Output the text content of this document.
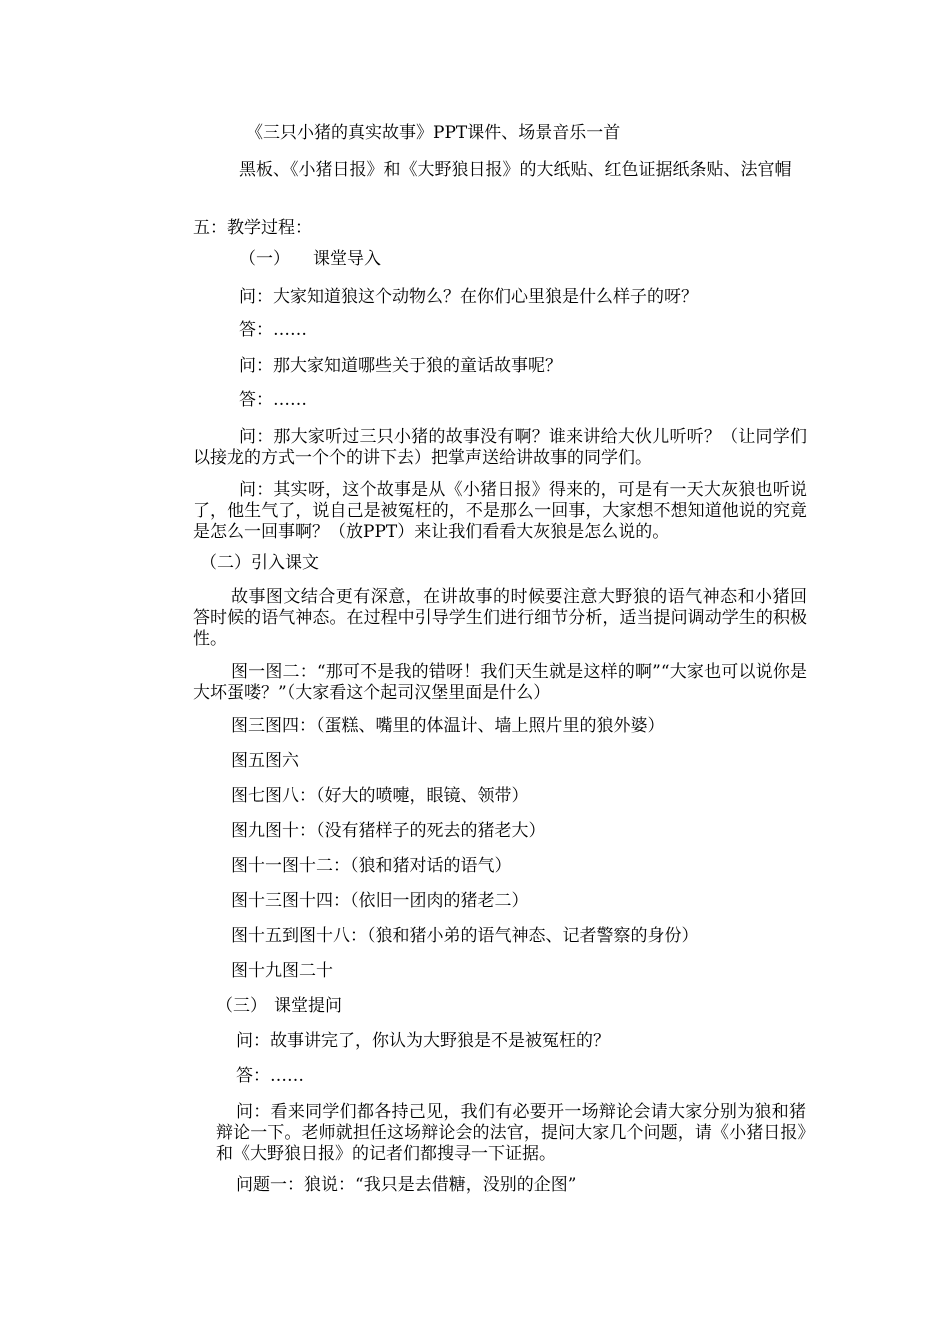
《三只小猪的真实故事》PPT课件、场景音乐一首
黑板、《小猪日报》和《大野狼日报》的大纸贴、红色证据纸条贴、法官帽
五：教学过程：
（一） 课堂导入
问：大家知道狼这个动物么？在你们心里狼是什么样子的呀？
答：……
问：那大家知道哪些关于狼的童话故事呢？
答：……
问：那大家听过三只小猪的故事没有啊？谁来讲给大伙儿听听？（让同学们以接龙的方式一个个的讲下去）把掌声送给讲故事的同学们。
问：其实呀，这个故事是从《小猪日报》得来的，可是有一天大灰狼也听说了，他生气了，说自己是被冤枉的，不是那么一回事，大家想不想知道他说的究竟是怎么一回事啊？（放PPT）来让我们看看大灰狼是怎么说的。
（二）引入课文
故事图文结合更有深意，在讲故事的时候要注意大野狼的语气神态和小猪回答时候的语气神态。在过程中引导学生们进行细节分析，适当提问调动学生的积极性。
图一图二：“那可不是我的错呀！我们天生就是这样的啊”“大家也可以说你是大坏蛋喽？”（大家看这个起司汉堡里面是什么）
图三图四：（蛋糕、嘴里的体温计、墙上照片里的狼外婆）
图五图六
图七图八：（好大的喷嚏，眼镜、领带）
图九图十：（没有猪样子的死去的猪老大）
图十一图十二：（狼和猪对话的语气）
图十三图十四：（依旧一团肉的猪老二）
图十五到图十八：（狼和猪小弟的语气神态、记者警察的身份）
图十九图二十
（三） 课堂提问
问：故事讲完了，你认为大野狼是不是被冤枉的？
答：……
问：看来同学们都各持己见，我们有必要开一场辩论会请大家分别为狼和猪辩论一下。老师就担任这场辩论会的法官，提问大家几个问题，请《小猪日报》和《大野狼日报》的记者们都搜寻一下证据。
问题一：狼说：“我只是去借糖，没别的企图”
